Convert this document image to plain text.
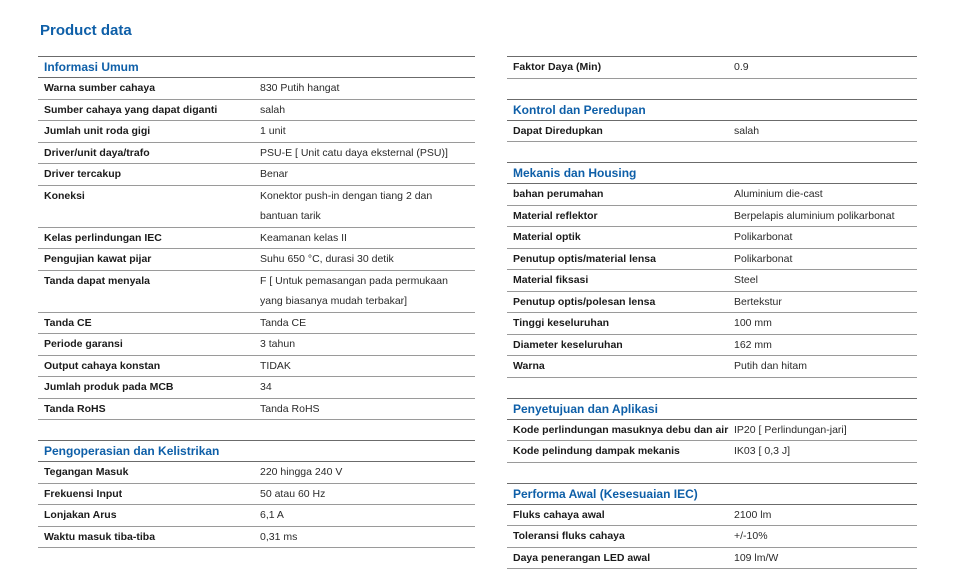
Product data
Informasi Umum
Warna sumber cahaya	830 Putih hangat
Sumber cahaya yang dapat diganti	salah
Jumlah unit roda gigi	1 unit
Driver/unit daya/trafo	PSU-E [ Unit catu daya eksternal (PSU)]
Driver tercakup	Benar
Koneksi	Konektor push-in dengan tiang 2 dan bantuan tarik
Kelas perlindungan IEC	Keamanan kelas II
Pengujian kawat pijar	Suhu 650 °C, durasi 30 detik
Tanda dapat menyala	F [ Untuk pemasangan pada permukaan yang biasanya mudah terbakar]
Tanda CE	Tanda CE
Periode garansi	3 tahun
Output cahaya konstan	TIDAK
Jumlah produk pada MCB	34
Tanda RoHS	Tanda RoHS
Pengoperasian dan Kelistrikan
Tegangan Masuk	220 hingga 240 V
Frekuensi Input	50 atau 60 Hz
Lonjakan Arus	6,1 A
Waktu masuk tiba-tiba	0,31 ms
Faktor Daya (Min)	0.9
Kontrol dan Peredupan
Dapat Diredupkan	salah
Mekanis dan Housing
bahan perumahan	Aluminium die-cast
Material reflektor	Berpelapis aluminium polikarbonat
Material optik	Polikarbonat
Penutup optis/material lensa	Polikarbonat
Material fiksasi	Steel
Penutup optis/polesan lensa	Bertekstur
Tinggi keseluruhan	100 mm
Diameter keseluruhan	162 mm
Warna	Putih dan hitam
Penyetujuan dan Aplikasi
Kode perlindungan masuknya debu dan air IP20 [ Perlindungan-jari]
Kode pelindung dampak mekanis	IK03 [ 0,3 J]
Performa Awal (Kesesuaian IEC)
Fluks cahaya awal	2100 lm
Toleransi fluks cahaya	+/-10%
Daya penerangan LED awal	109 lm/W
